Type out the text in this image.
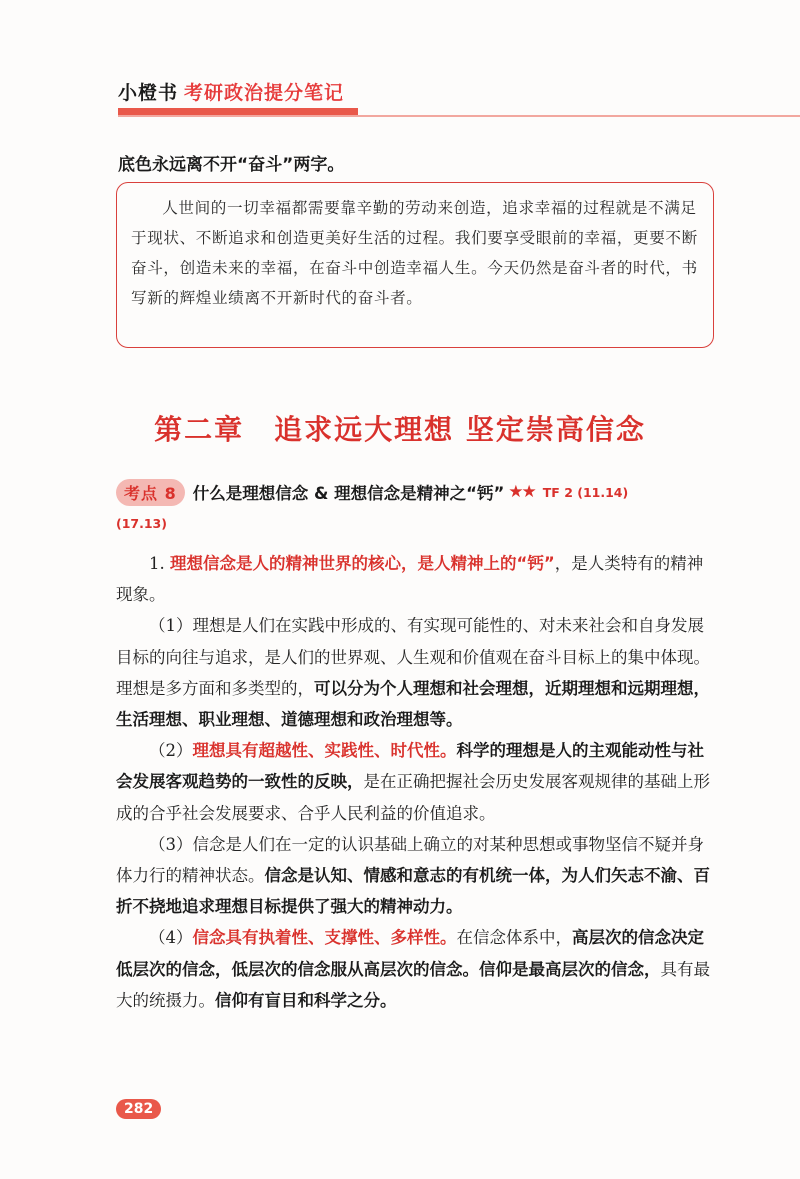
小橙书 考研政治提分笔记
底色永远离不开“奋斗”两字。
人世间的一切幸福都需要靠辛勤的劳动来创造，追求幸福的过程就是不满足于现状、不断追求和创造更美好生活的过程。我们要享受眼前的幸福，更要不断奋斗，创造未来的幸福，在奋斗中创造幸福人生。今天仍然是奋斗者的时代，书写新的辉煌业绩离不开新时代的奋斗者。
第二章　追求远大理想 坚定崇高信念
考点 8 什么是理想信念 & 理想信念是精神之“钙” ★★ TF 2 (11.14)
(17.13)

1. 理想信念是人的精神世界的核心，是人精神上的“钙”，是人类特有的精神现象。

（1）理想是人们在实践中形成的、有实现可能性的、对未来社会和自身发展目标的向往与追求，是人们的世界观、人生观和价值观在奋斗目标上的集中体现。理想是多方面和多类型的，可以分为个人理想和社会理想，近期理想和远期理想，生活理想、职业理想、道德理想和政治理想等。

（2）理想具有超越性、实践性、时代性。科学的理想是人的主观能动性与社会发展客观趋势的一致性的反映，是在正确把握社会历史发展客观规律的基础上形成的合乎社会发展要求、合乎人民利益的价值追求。

（3）信念是人们在一定的认识基础上确立的对某种思想或事物坚信不疑并身体力行的精神状态。信念是认知、情感和意志的有机统一体，为人们矢志不渝、百折不挠地追求理想目标提供了强大的精神动力。

（4）信念具有执着性、支撑性、多样性。在信念体系中，高层次的信念决定低层次的信念，低层次的信念服从高层次的信念。信仰是最高层次的信念，具有最大的统摄力。信仰有盲目和科学之分。

282
